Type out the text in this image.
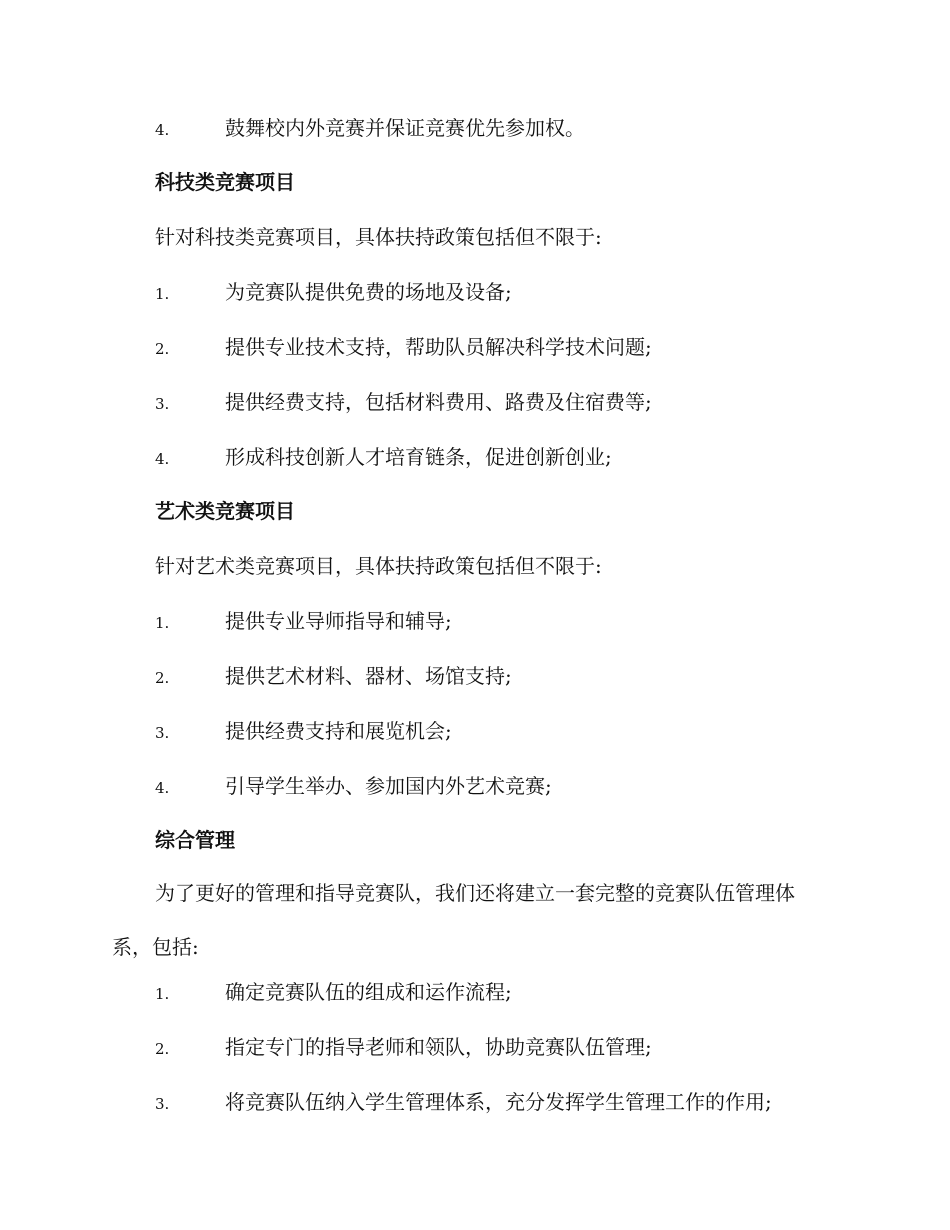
4.	鼓舞校内外竞赛并保证竞赛优先参加权。
科技类竞赛项目
针对科技类竞赛项目，具体扶持政策包括但不限于:
1.	为竞赛队提供免费的场地及设备;
2.	提供专业技术支持，帮助队员解决科学技术问题;
3.	提供经费支持，包括材料费用、路费及住宿费等;
4.	形成科技创新人才培育链条，促进创新创业;
艺术类竞赛项目
针对艺术类竞赛项目，具体扶持政策包括但不限于:
1.	提供专业导师指导和辅导;
2.	提供艺术材料、器材、场馆支持;
3.	提供经费支持和展览机会;
4.	引导学生举办、参加国内外艺术竞赛;
综合管理
为了更好的管理和指导竞赛队，我们还将建立一套完整的竞赛队伍管理体系，包括:
1.	确定竞赛队伍的组成和运作流程;
2.	指定专门的指导老师和领队，协助竞赛队伍管理;
3.	将竞赛队伍纳入学生管理体系，充分发挥学生管理工作的作用;
